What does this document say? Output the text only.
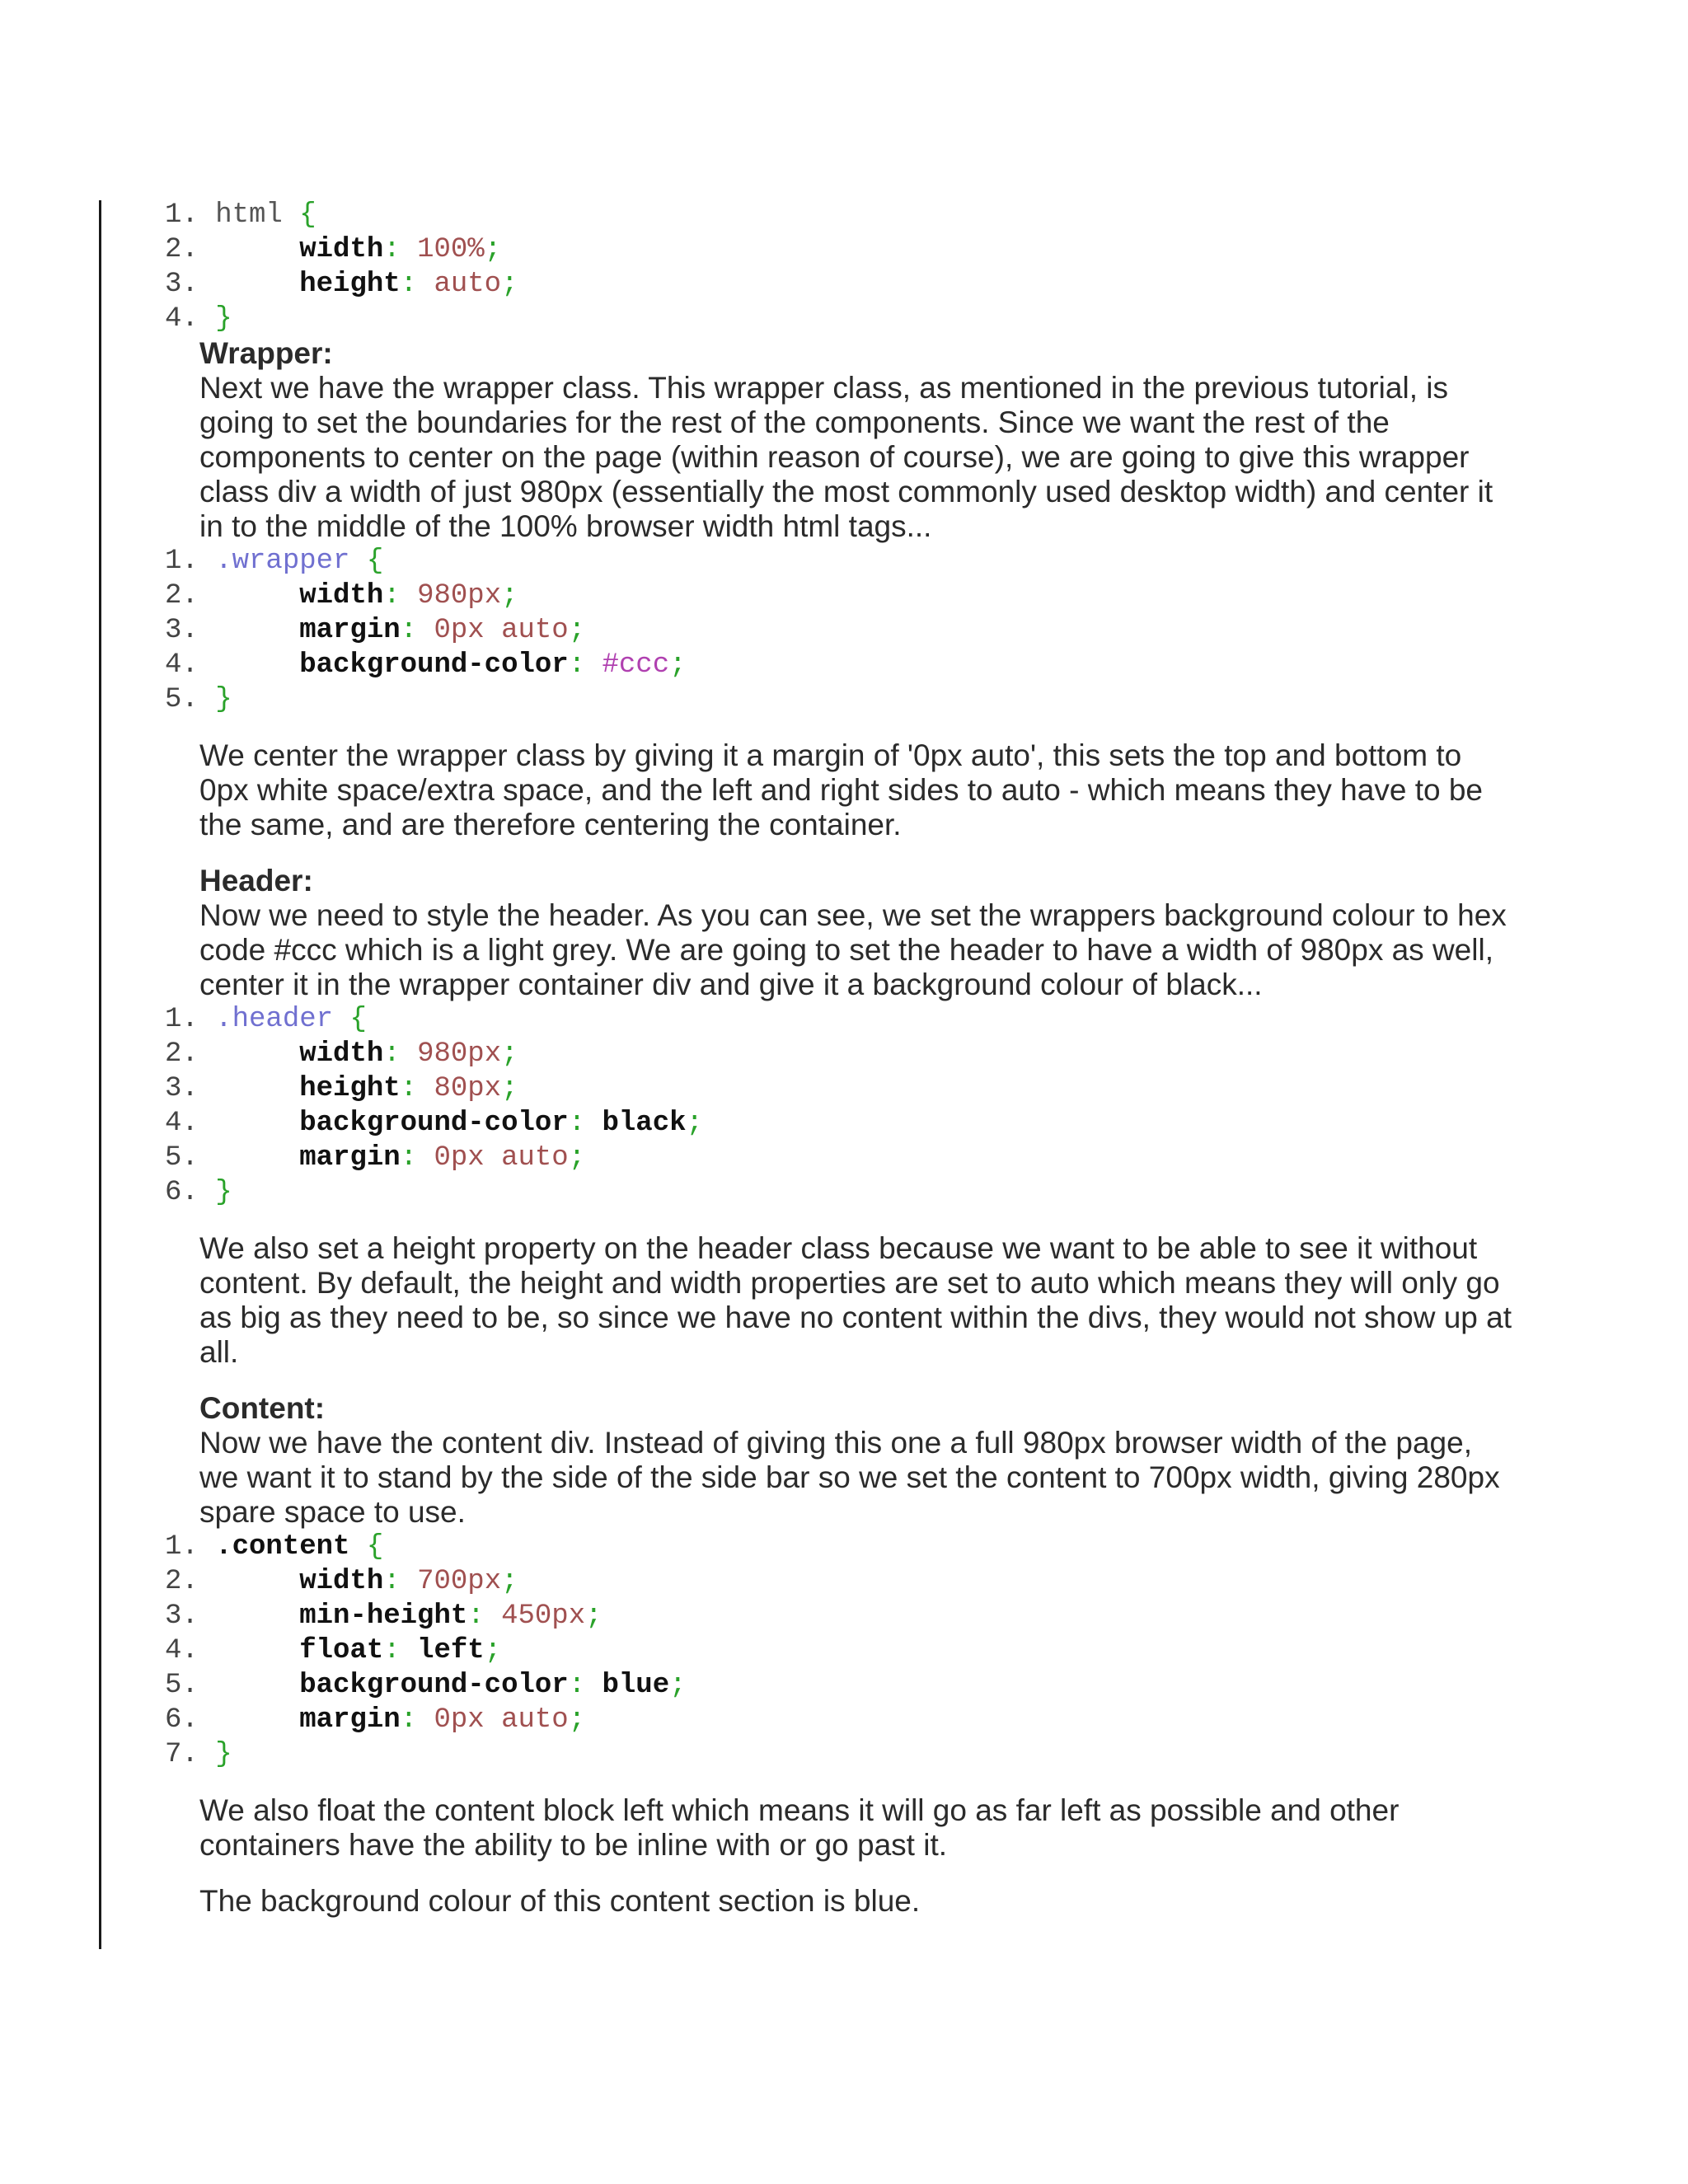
1. html {
2.      width: 100%;
3.      height: auto;
4. }
Wrapper:

Next we have the wrapper class. This wrapper class, as mentioned in the previous tutorial, is going to set the boundaries for the rest of the components. Since we want the rest of the components to center on the page (within reason of course), we are going to give this wrapper class div a width of just 980px (essentially the most commonly used desktop width) and center it in to the middle of the 100% browser width html tags...

1. .wrapper {
2.      width: 980px;
3.      margin: 0px auto;
4.      background-color: #ccc;
5. }

We center the wrapper class by giving it a margin of '0px auto', this sets the top and bottom to 0px white space/extra space, and the left and right sides to auto - which means they have to be the same, and are therefore centering the container.

Header:

Now we need to style the header. As you can see, we set the wrappers background colour to hex code #ccc which is a light grey. We are going to set the header to have a width of 980px as well, center it in the wrapper container div and give it a background colour of black...

1. .header {
2.      width: 980px;
3.      height: 80px;
4.      background-color: black;
5.      margin: 0px auto;
6. }

We also set a height property on the header class because we want to be able to see it without content. By default, the height and width properties are set to auto which means they will only go as big as they need to be, so since we have no content within the divs, they would not show up at all.

Content:

Now we have the content div. Instead of giving this one a full 980px browser width of the page, we want it to stand by the side of the side bar so we set the content to 700px width, giving 280px spare space to use.

1. .content {
2.      width: 700px;
3.      min-height: 450px;
4.      float: left;
5.      background-color: blue;
6.      margin: 0px auto;
7. }

We also float the content block left which means it will go as far left as possible and other containers have the ability to be inline with or go past it.

The background colour of this content section is blue.
